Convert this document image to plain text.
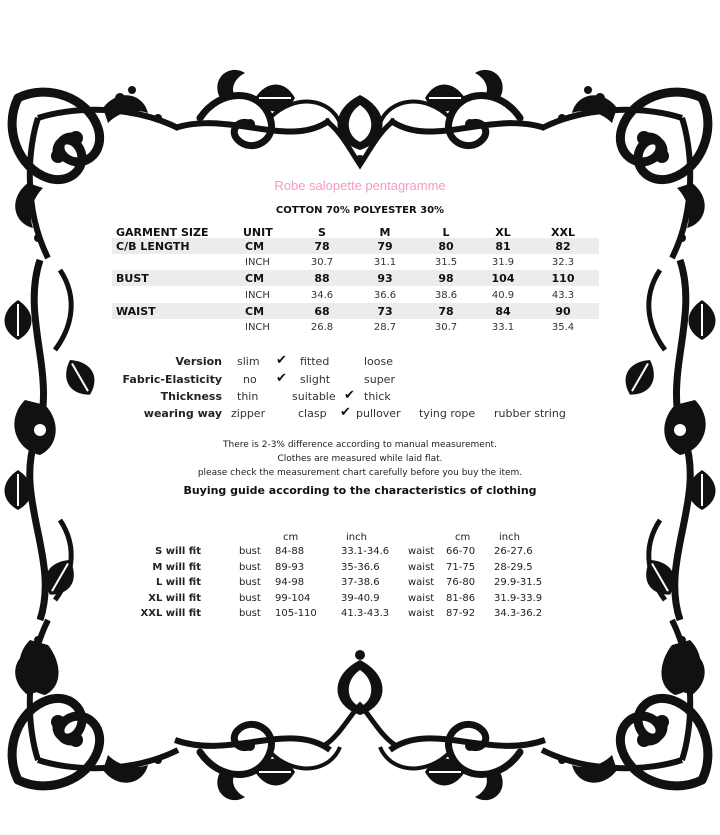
Robe salopette pentagramme
COTTON 70% POLYESTER 30%
GARMENT SIZE	UNIT	S	M	L	XL	XXL
C/B LENGTH	CM	78	79	80	81	82
INCH	30.7	31.1	31.5	31.9	32.3
BUST	CM	88	93	98	104	110
INCH	34.6	36.6	38.6	40.9	43.3
WAIST	CM	68	73	78	84	90
INCH	26.8	28.7	30.7	33.1	35.4
Version slim ✔ fitted	loose
Fabric-Elasticity no ✔ slight	super
Thickness thin	suitable ✔ thick
wearing way zipper	clasp ✔ pullover tying rope rubber string
There is 2-3% difference according to manual measurement.
Clothes are measured while laid flat.
please check the measurement chart carefully before you buy the item.
Buying guide according to the characteristics of clothing
cm	inch	cm	inch
S will fit	bust 84-88	33.1-34.6 waist 66-70 26-27.6
M will fit	bust 89-93	35-36.6	waist 71-75 28-29.5
L will fit	bust 94-98	37-38.6	waist 76-80 29.9-31.5
XL will fit	bust 99-104	39-40.9	waist 81-86 31.9-33.9
XXL will fit	bust 105-110 41.3-43.3 waist 87-92 34.3-36.2
